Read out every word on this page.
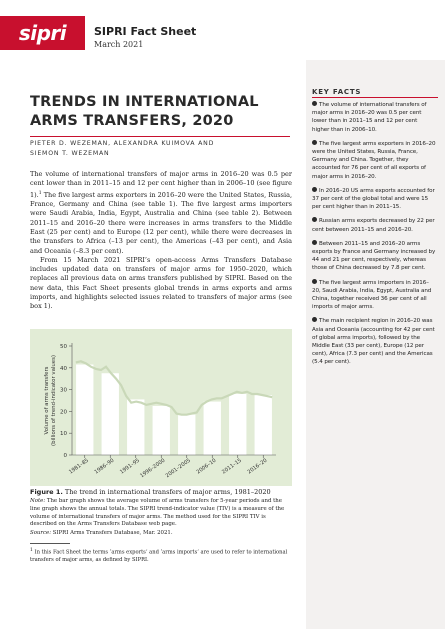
sipri	SIPRI Fact Sheet
March 2021
TRENDS IN INTERNATIONAL
ARMS TRANSFERS, 2020
PIETER D. WEZEMAN, ALEXANDRA KUIMOVA AND
SIEMON T. WEZEMAN

The volume of international transfers of major arms in 2016–20 was 0.5 per cent lower than in 2011–15 and 12 per cent higher than in 2006–10 (see figure 1).$^1$ The five largest arms exporters in 2016–20 were the United States, Russia, France, Germany and China (see table 1). The five largest arms importers were Saudi Arabia, India, Egypt, Australia and China (see table 2). Between 2011–15 and 2016–20 there were increases in arms transfers to the Middle East (25 per cent) and to Europe (12 per cent), while there were decreases in the transfers to Africa (–13 per cent), the Americas (–43 per cent), and Asia and Oceania (–8.3 per cent).

From 15 March 2021 SIPRI’s open-access Arms Transfers Database includes updated data on transfers of major arms for 1950–2020, which replaces all previous data on arms transfers published by SIPRI. Based on the new data, this Fact Sheet presents global trends in arms exports and arms imports, and highlights selected issues related to transfers of major arms (see box 1).

0
10
20
30
40
50
1981–85 1986–90 1991–95
1996–2000
2001–2005 2006–10 2011–15 2016–20
Volume of arms transfers (billions of trend-indicator values)
Figure 1. The trend in international transfers of major arms, 1981–2020
Note: The bar graph shows the average volume of arms transfers for 5-year periods and the line graph shows the annual totals. The SIPRI trend-indicator value (TIV) is a measure of the volume of international transfers of major arms. The method used for the SIPRI TIV is described on the Arms Transfers Database web page.
Source: SIPRI Arms Transfers Database, Mar. 2021.
1 In this Fact Sheet the terms ‘arms exports’ and ‘arms imports’ are used to refer to international transfers of major arms, as defined by SIPRI.
KEY FACTS
The volume of international transfers of major arms in 2016–20 was 0.5 per cent lower than in 2011–15 and 12 per cent higher than in 2006–10.
The five largest arms exporters in 2016–20 were the United States, Russia, France, Germany and China. Together, they accounted for 76 per cent of all exports of major arms in 2016–20.
In 2016–20 US arms exports accounted for 37 per cent of the global total and were 15 per cent higher than in 2011–15.
Russian arms exports decreased by 22 per cent between 2011–15 and 2016–20.
Between 2011–15 and 2016–20 arms exports by France and Germany increased by 44 and 21 per cent, respectively, whereas those of China decreased by 7.8 per cent.
The five largest arms importers in 2016–20, Saudi Arabia, India, Egypt, Australia and China, together received 36 per cent of all imports of major arms.
The main recipient region in 2016–20 was Asia and Oceania (accounting for 42 per cent of global arms imports), followed by the Middle East (33 per cent), Europe (12 per cent), Africa (7.3 per cent) and the Americas (5.4 per cent).
